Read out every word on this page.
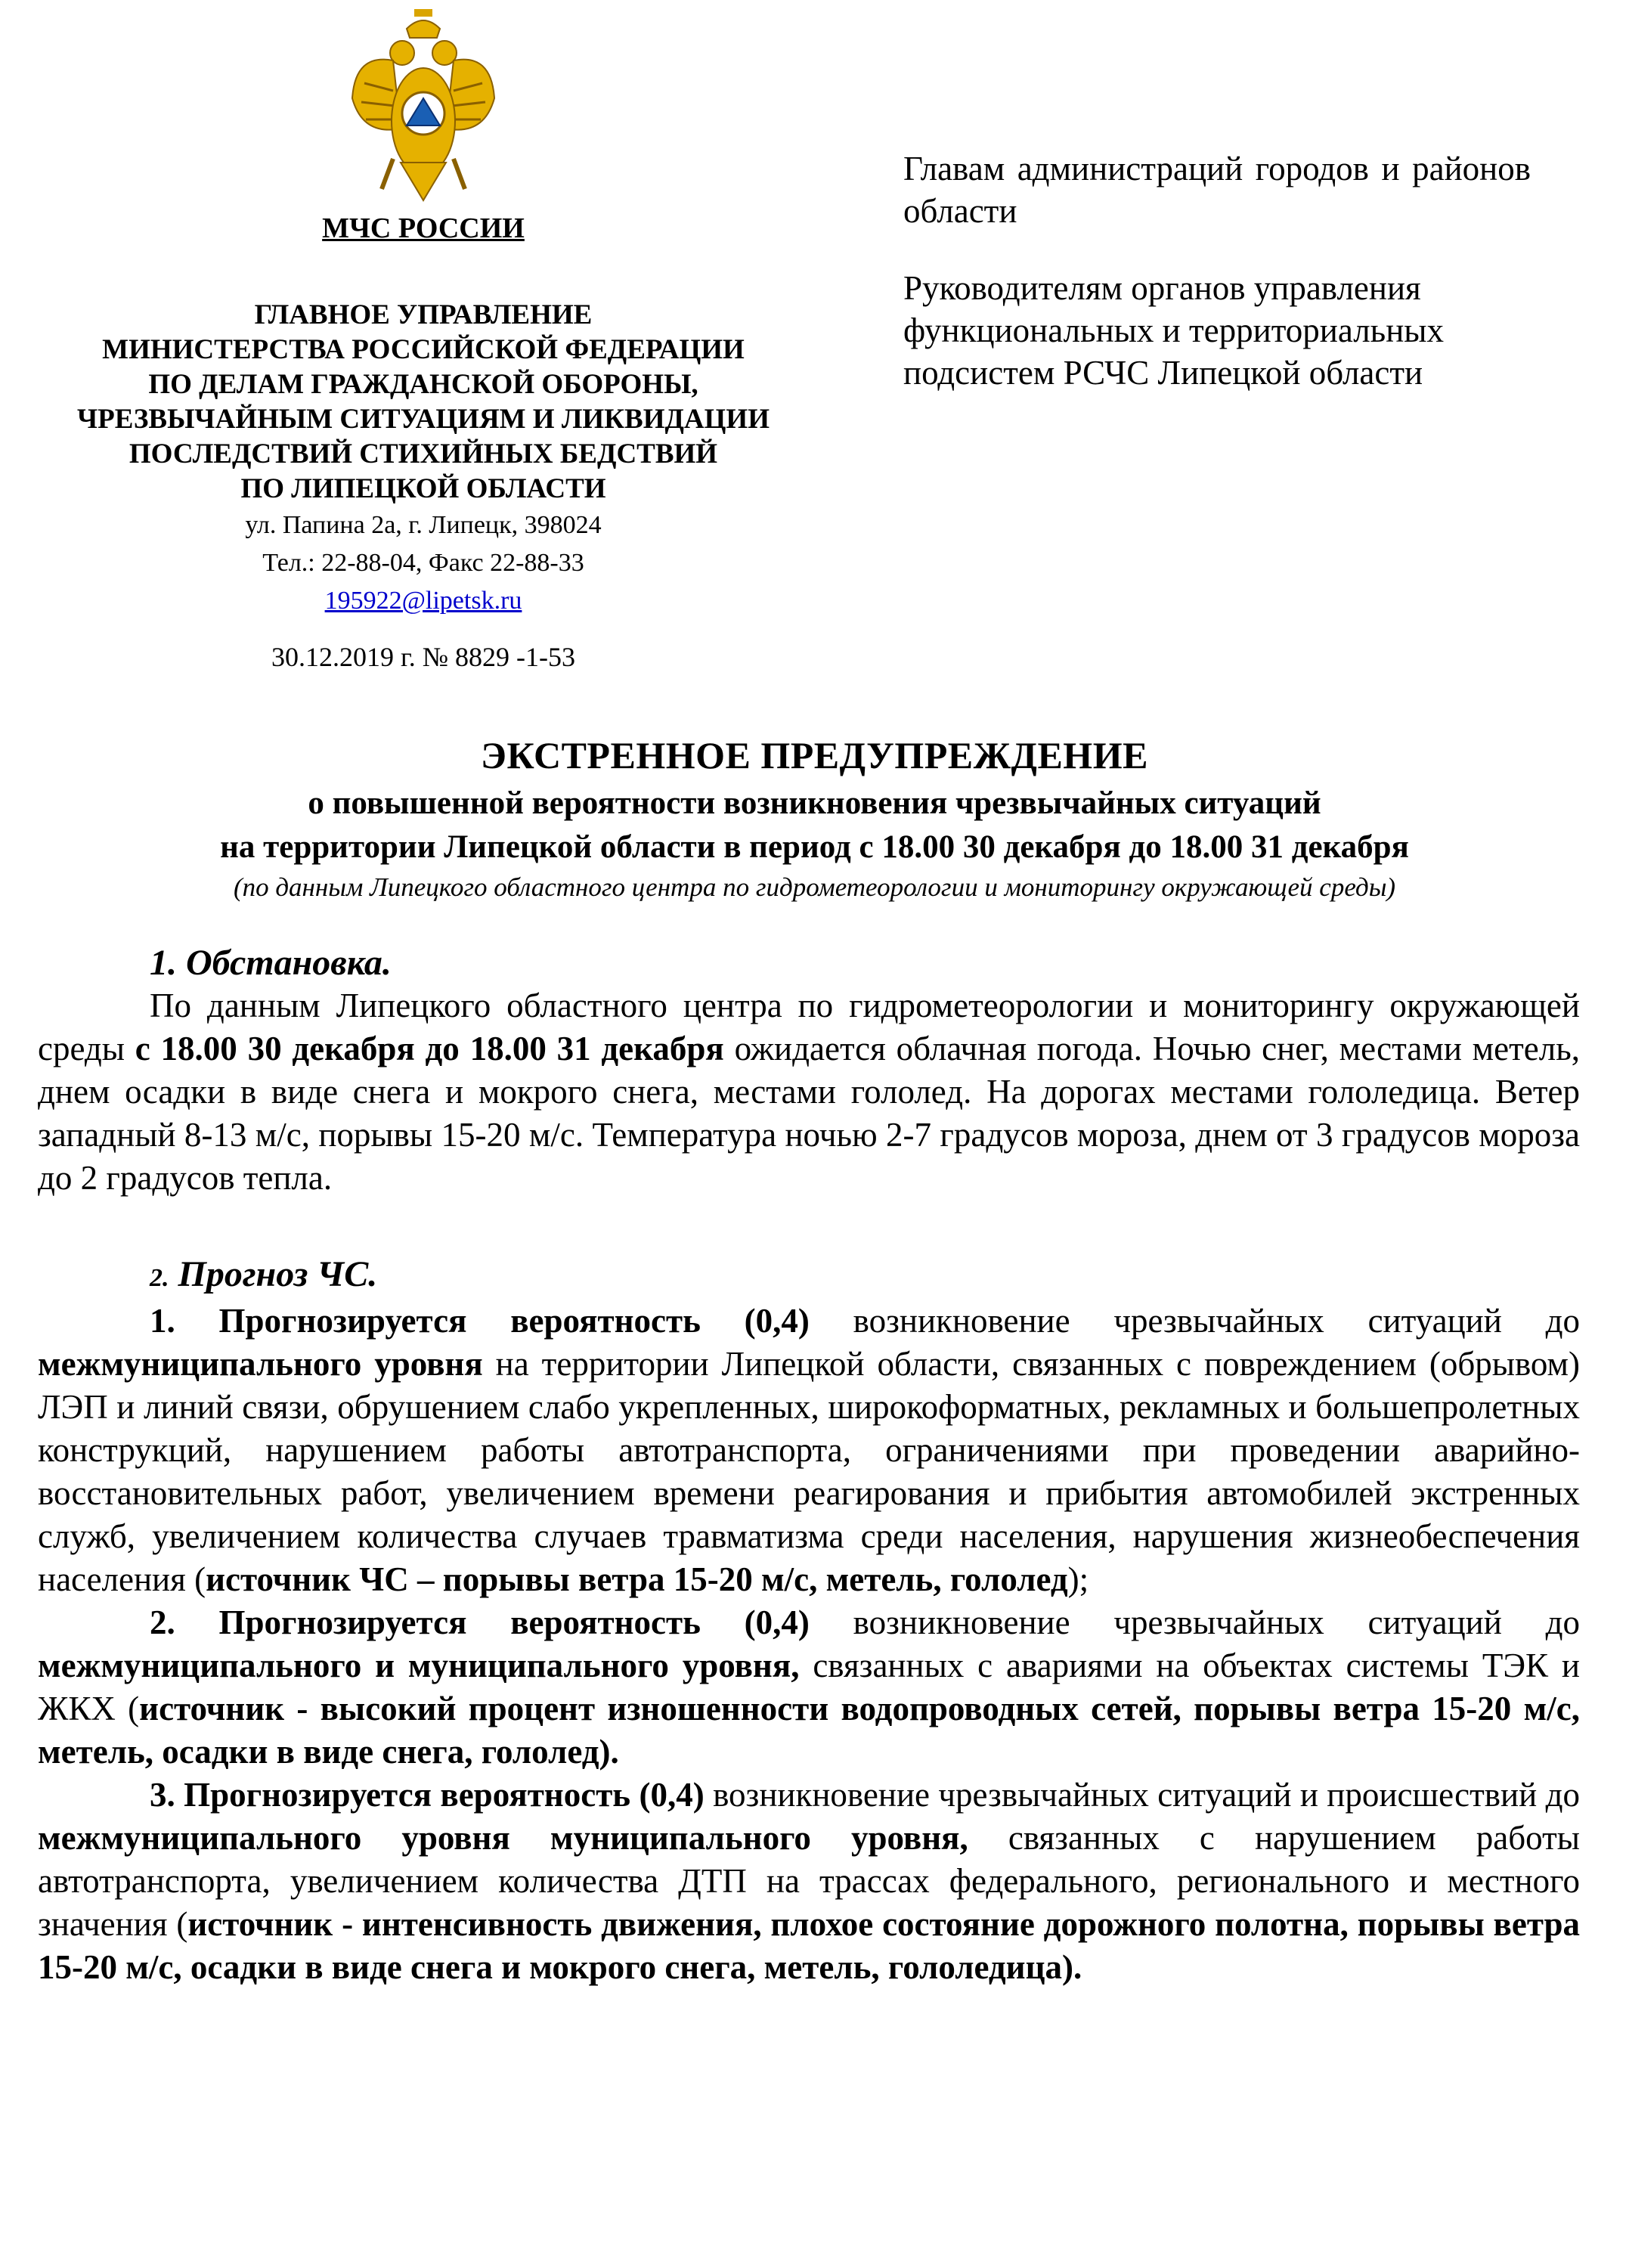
МЧС РОССИИ

ГЛАВНОЕ УПРАВЛЕНИЕ
МИНИСТЕРСТВА РОССИЙСКОЙ ФЕДЕРАЦИИ
ПО ДЕЛАМ ГРАЖДАНСКОЙ ОБОРОНЫ,
ЧРЕЗВЫЧАЙНЫМ СИТУАЦИЯМ И ЛИКВИДАЦИИ
ПОСЛЕДСТВИЙ СТИХИЙНЫХ БЕДСТВИЙ
ПО ЛИПЕЦКОЙ ОБЛАСТИ
ул. Папина 2а, г. Липецк, 398024
Тел.: 22-88-04, Факс 22-88-33
195922@lipetsk.ru
30.12.2019 г. № 8829 -1-53

Главам администраций городов и районов области

Руководителям органов управления функциональных и территориальных подсистем РСЧС Липецкой области

ЭКСТРЕННОЕ ПРЕДУПРЕЖДЕНИЕ

о повышенной вероятности возникновения чрезвычайных ситуаций

на территории Липецкой области в период с 18.00 30 декабря до 18.00 31 декабря

(по данным Липецкого областного центра по гидрометеорологии и мониторингу окружающей среды)

1. Обстановка.

По данным Липецкого областного центра по гидрометеорологии и мониторингу окружающей среды с 18.00 30 декабря до 18.00 31 декабря ожидается облачная погода. Ночью снег, местами метель, днем осадки в виде снега и мокрого снега, местами гололед. На дорогах местами гололедица. Ветер западный 8-13 м/с, порывы 15-20 м/с. Температура ночью 2-7 градусов мороза, днем от 3 градусов мороза до 2 градусов тепла.

2. Прогноз ЧС.

1. Прогнозируется вероятность (0,4) возникновение чрезвычайных ситуаций до межмуниципального уровня на территории Липецкой области, связанных с повреждением (обрывом) ЛЭП и линий связи, обрушением слабо укрепленных, широкоформатных, рекламных и большепролетных конструкций, нарушением работы автотранспорта, ограничениями при проведении аварийно-восстановительных работ, увеличением времени реагирования и прибытия автомобилей экстренных служб, увеличением количества случаев травматизма среди населения, нарушения жизнеобеспечения населения (источник ЧС – порывы ветра 15-20 м/с, метель, гололед);

2. Прогнозируется вероятность (0,4) возникновение чрезвычайных ситуаций до межмуниципального и муниципального уровня, связанных с авариями на объектах системы ТЭК и ЖКХ (источник - высокий процент изношенности водопроводных сетей, порывы ветра 15-20 м/с, метель, осадки в виде снега, гололед).

3. Прогнозируется вероятность (0,4) возникновение чрезвычайных ситуаций и происшествий до межмуниципального уровня муниципального уровня, связанных с нарушением работы автотранспорта, увеличением количества ДТП на трассах федерального, регионального и местного значения (источник - интенсивность движения, плохое состояние дорожного полотна, порывы ветра 15-20 м/с, осадки в виде снега и мокрого снега, метель, гололедица).
